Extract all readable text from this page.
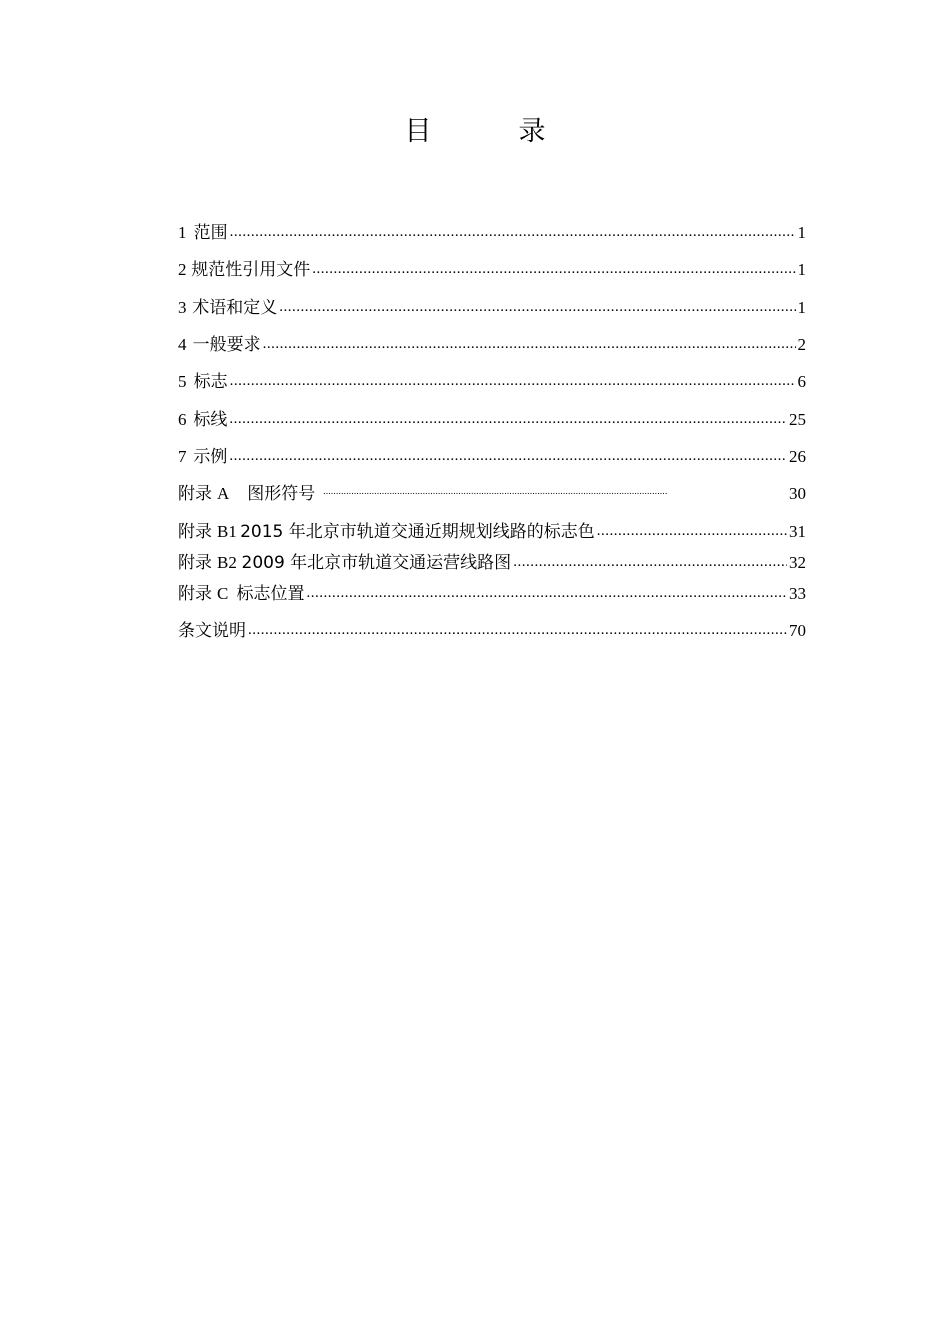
目　录
1 范围 .....	1
2 规范性引用文件 .....	1
3 术语和定义 .....	1
4 一般要求 .....	2
5 标志 .....	6
6 标线 .....	25
7 示例 .....	26
附录 A 图形符号 .....	30
附录 B1 2015 年北京市轨道交通近期规划线路的标志色 .....	31
附录 B2 2009 年北京市轨道交通运营线路图 .....	32
附录 C 标志位置 .....	33
条文说明 .....	70
